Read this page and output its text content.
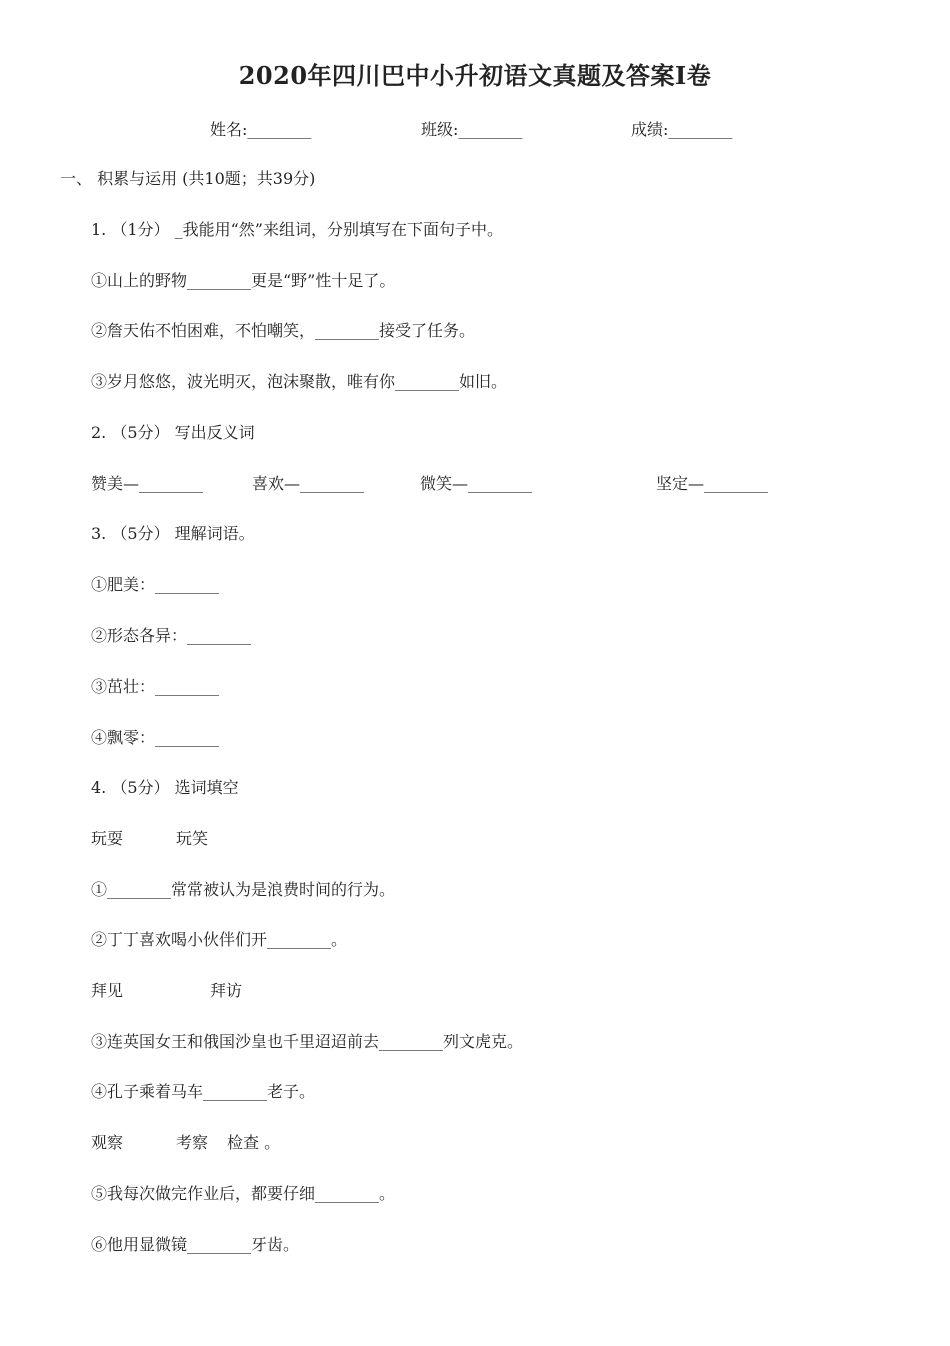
2020年四川巴中小升初语文真题及答案I卷
姓名:________	班级:________	成绩:________
一、 积累与运用 (共10题；共39分)
1. （1分） _我能用“然”来组词，分别填写在下面句子中。
①山上的野物________更是“野”性十足了。
②詹天佑不怕困难，不怕嘲笑，________接受了任务。
③岁月悠悠，波光明灭，泡沫聚散，唯有你________如旧。
2. （5分） 写出反义词
赞美—________	喜欢—________	微笑—________	坚定—________
3. （5分） 理解词语。
①肥美：________
②形态各异：________
③茁壮：________
④飘零：________
4. （5分） 选词填空
玩耍	玩笑
①________常常被认为是浪费时间的行为。
②丁丁喜欢喝小伙伴们开________。
拜见	拜访
③连英国女王和俄国沙皇也千里迢迢前去________列文虎克。
④孔子乘着马车________老子。
观察	考察 检查 。
⑤我每次做完作业后，都要仔细________。
⑥他用显微镜________牙齿。
